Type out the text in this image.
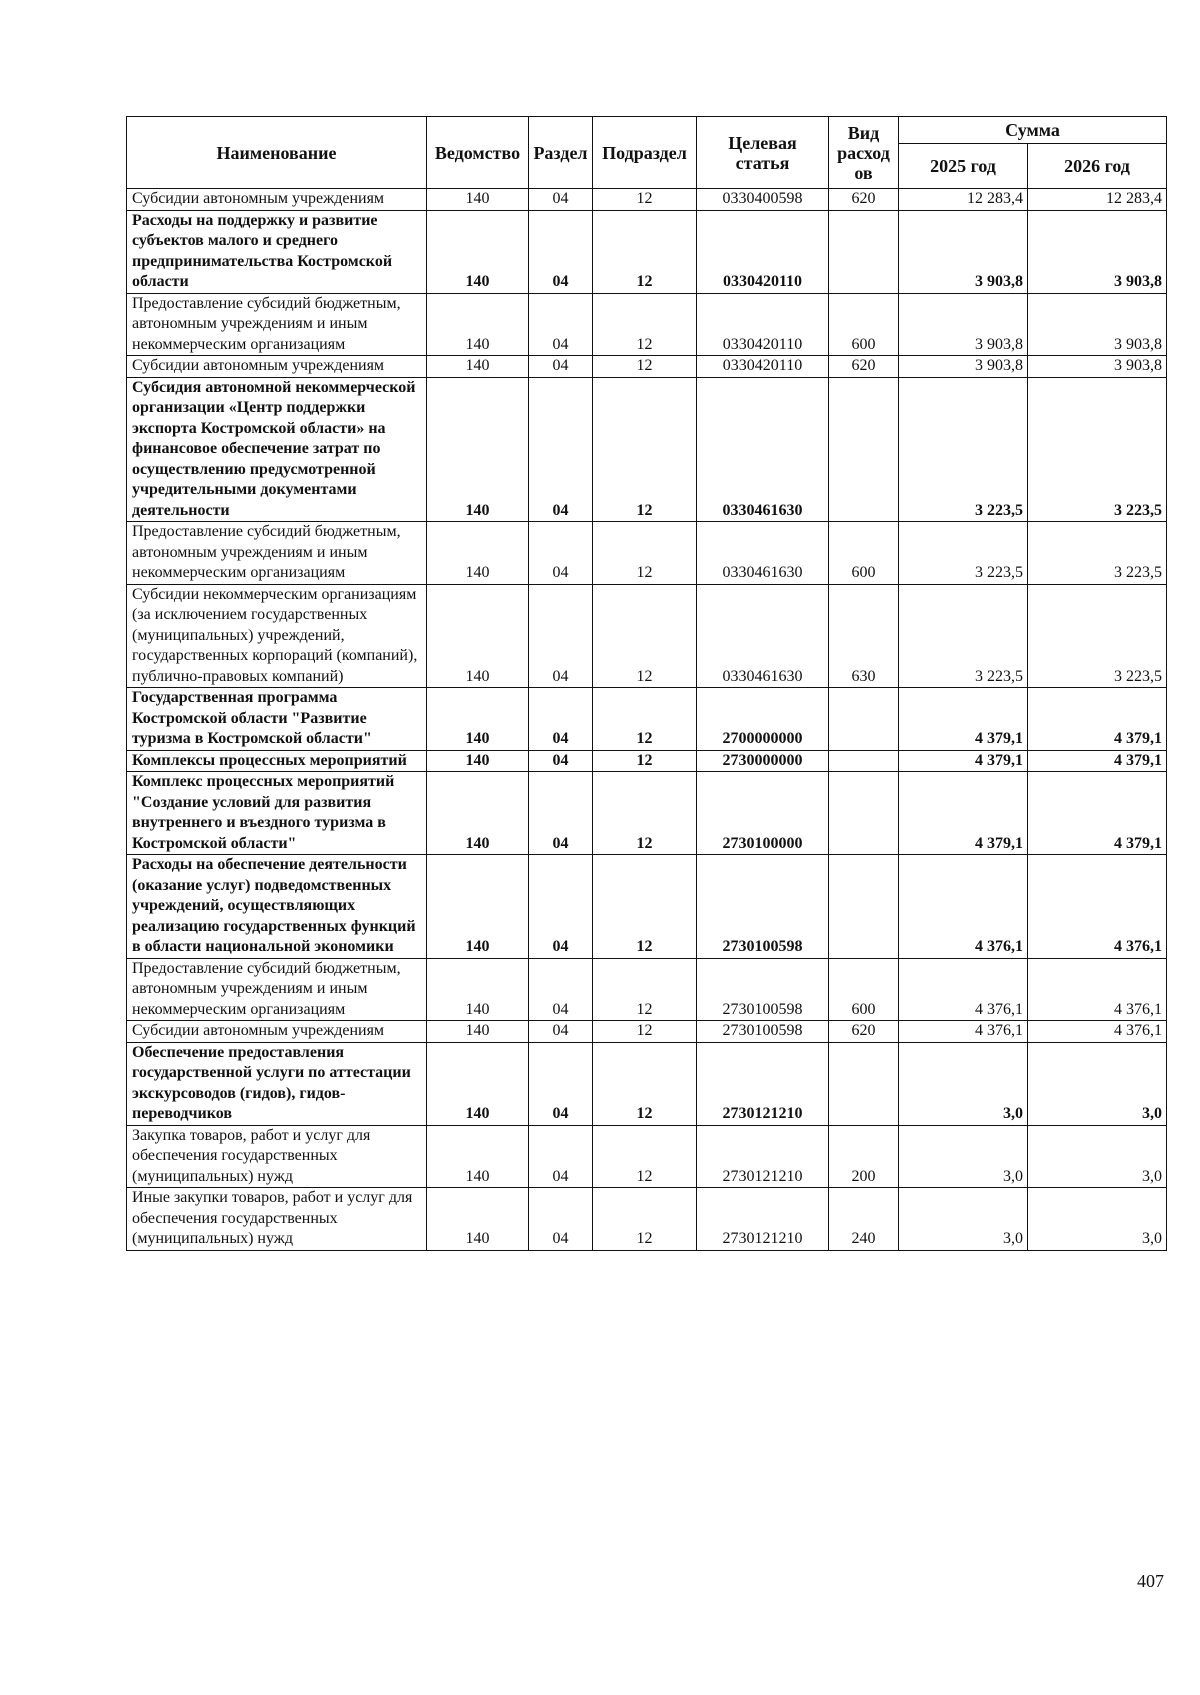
Наименование	Ведомство	Раздел	Подраздел	Целевая статья	Вид расход ов	Сумма	
						2025 год	2026 год
Субсидии автономным учреждениям	140	04	12	0330400598	620	12 283,4	12 283,4
Расходы на поддержку и развитие субъектов малого и среднего предпринимательства Костромской области	140	04	12	0330420110		3 903,8	3 903,8
Предоставление субсидий бюджетным, автономным учреждениям и иным некоммерческим организациям	140	04	12	0330420110	600	3 903,8	3 903,8
Субсидии автономным учреждениям	140	04	12	0330420110	620	3 903,8	3 903,8
Субсидия автономной некоммерческой организации «Центр поддержки экспорта Костромской области» на финансовое обеспечение затрат по осуществлению предусмотренной учредительными документами деятельности	140	04	12	0330461630		3 223,5	3 223,5
Предоставление субсидий бюджетным, автономным учреждениям и иным некоммерческим организациям	140	04	12	0330461630	600	3 223,5	3 223,5
Субсидии некоммерческим организациям (за исключением государственных (муниципальных) учреждений, государственных корпораций (компаний), публично-правовых компаний)	140	04	12	0330461630	630	3 223,5	3 223,5
Государственная программа Костромской области "Развитие туризма в Костромской области"	140	04	12	2700000000		4 379,1	4 379,1
Комплексы процессных мероприятий	140	04	12	2730000000		4 379,1	4 379,1
Комплекс процессных мероприятий "Создание условий для развития внутреннего и въездного туризма в Костромской области"	140	04	12	2730100000		4 379,1	4 379,1
Расходы на обеспечение деятельности (оказание услуг) подведомственных учреждений, осуществляющих реализацию государственных функций в области национальной экономики	140	04	12	2730100598		4 376,1	4 376,1
Предоставление субсидий бюджетным, автономным учреждениям и иным некоммерческим организациям	140	04	12	2730100598	600	4 376,1	4 376,1
Субсидии автономным учреждениям	140	04	12	2730100598	620	4 376,1	4 376,1
Обеспечение предоставления государственной услуги по аттестации экскурсоводов (гидов), гидов-переводчиков	140	04	12	2730121210		3,0	3,0
Закупка товаров, работ и услуг для обеспечения государственных (муниципальных) нужд	140	04	12	2730121210	200	3,0	3,0
Иные закупки товаров, работ и услуг для обеспечения государственных (муниципальных) нужд	140	04	12	2730121210	240	3,0	3,0
407
